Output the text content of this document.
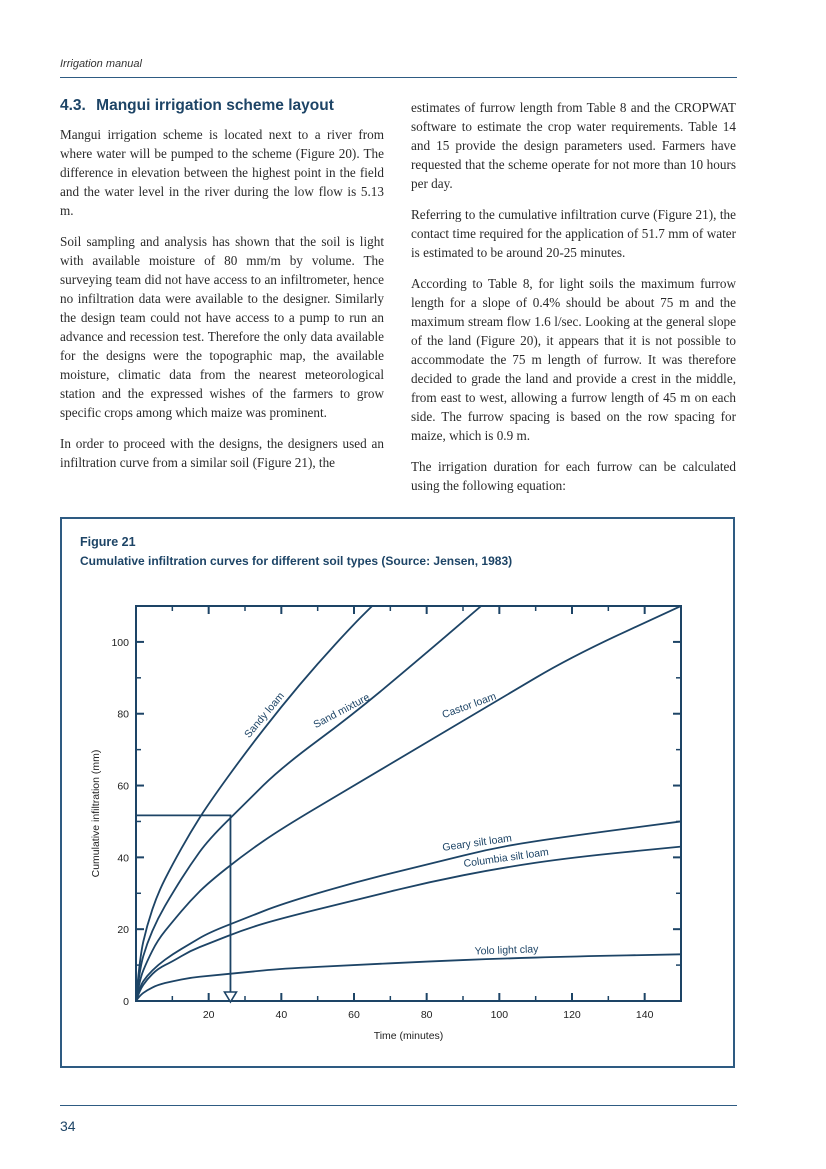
Irrigation manual
4.3. Mangui irrigation scheme layout

Mangui irrigation scheme is located next to a river from where water will be pumped to the scheme (Figure 20). The difference in elevation between the highest point in the field and the water level in the river during the low flow is 5.13 m.

Soil sampling and analysis has shown that the soil is light with available moisture of 80 mm/m by volume. The surveying team did not have access to an infiltrometer, hence no infiltration data were available to the designer. Similarly the design team could not have access to a pump to run an advance and recession test. Therefore the only data available for the designs were the topographic map, the available moisture, climatic data from the nearest meteorological station and the expressed wishes of the farmers to grow specific crops among which maize was prominent.

In order to proceed with the designs, the designers used an infiltration curve from a similar soil (Figure 21), the

estimates of furrow length from Table 8 and the CROPWAT software to estimate the crop water requirements. Table 14 and 15 provide the design parameters used. Farmers have requested that the scheme operate for not more than 10 hours per day.

Referring to the cumulative infiltration curve (Figure 21), the contact time required for the application of 51.7 mm of water is estimated to be around 20-25 minutes.

According to Table 8, for light soils the maximum furrow length for a slope of 0.4% should be about 75 m and the maximum stream flow 1.6 l/sec. Looking at the general slope of the land (Figure 20), it appears that it is not possible to accommodate the 75 m length of furrow. It was therefore decided to grade the land and provide a crest in the middle, from east to west, allowing a furrow length of 45 m on each side. The furrow spacing is based on the row spacing for maize, which is 0.9 m.

The irrigation duration for each furrow can be calculated using the following equation:

Figure 21
Cumulative infiltration curves for different soil types (Source: Jensen, 1983)
20	40	60	80	100	120	140
0
20
40
60
80
100
Time (minutes)
Cumulative infiltration (mm)
Sandy loam Sand mixture	Castor loam
Geary silt loam
Columbia silt loam
Yolo light clay
34
